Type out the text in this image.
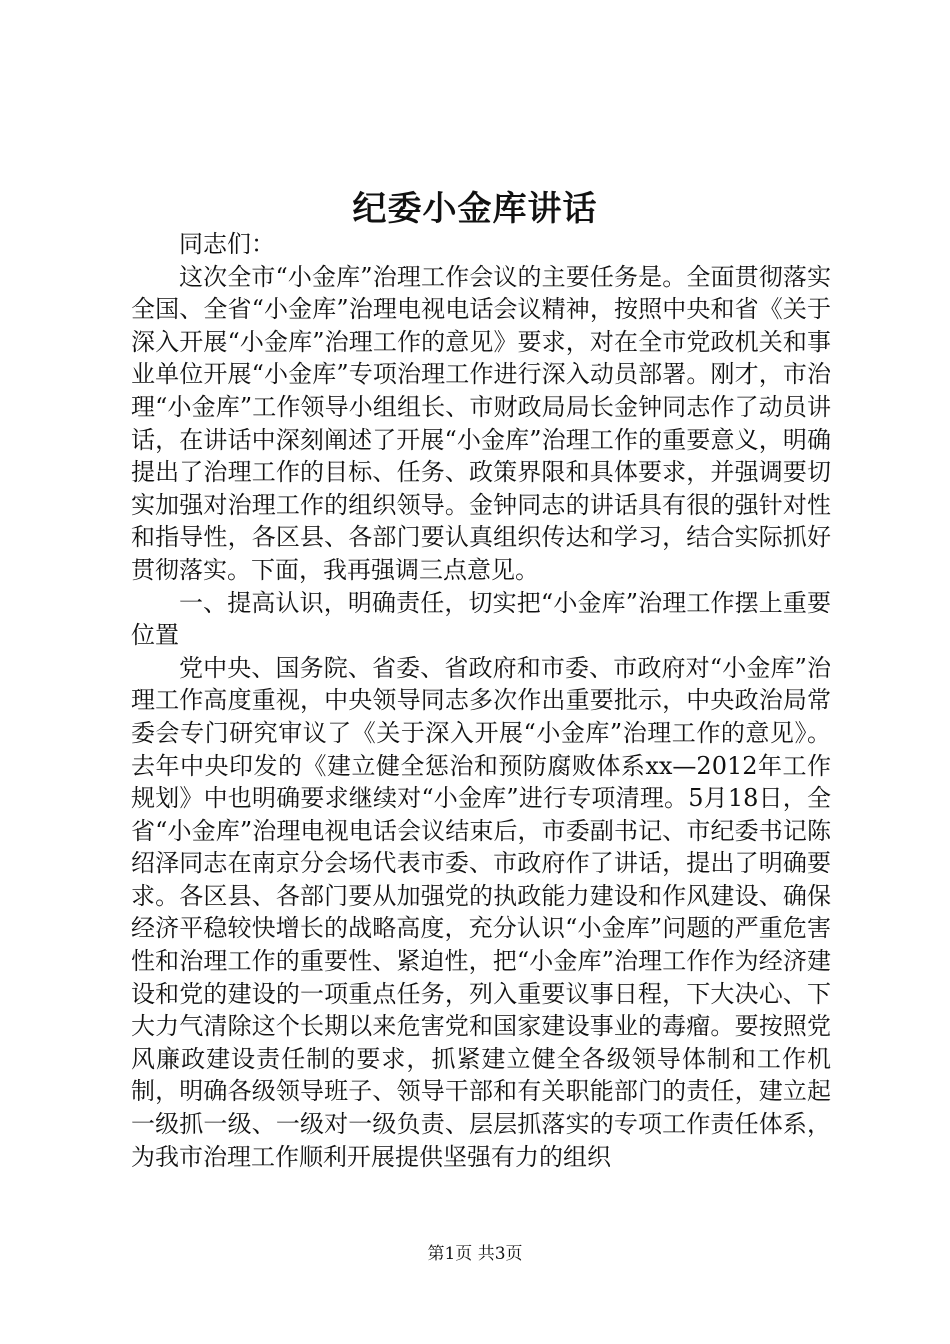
纪委小金库讲话

同志们：

这次全市“小金库”治理工作会议的主要任务是。全面贯彻落实全国、全省“小金库”治理电视电话会议精神，按照中央和省《关于深入开展“小金库”治理工作的意见》要求，对在全市党政机关和事业单位开展“小金库”专项治理工作进行深入动员部署。刚才，市治理“小金库”工作领导小组组长、市财政局局长金钟同志作了动员讲话，在讲话中深刻阐述了开展“小金库”治理工作的重要意义，明确提出了治理工作的目标、任务、政策界限和具体要求，并强调要切实加强对治理工作的组织领导。金钟同志的讲话具有很的强针对性和指导性，各区县、各部门要认真组织传达和学习，结合实际抓好贯彻落实。下面，我再强调三点意见。

一、提高认识，明确责任，切实把“小金库”治理工作摆上重要位置

党中央、国务院、省委、省政府和市委、市政府对“小金库”治理工作高度重视，中央领导同志多次作出重要批示，中央政治局常委会专门研究审议了《关于深入开展“小金库”治理工作的意见》。去年中央印发的《建立健全惩治和预防腐败体系xx—2012年工作规划》中也明确要求继续对“小金库”进行专项清理。5月18日，全省“小金库”治理电视电话会议结束后，市委副书记、市纪委书记陈绍泽同志在南京分会场代表市委、市政府作了讲话，提出了明确要求。各区县、各部门要从加强党的执政能力建设和作风建设、确保经济平稳较快增长的战略高度，充分认识“小金库”问题的严重危害性和治理工作的重要性、紧迫性，把“小金库”治理工作作为经济建设和党的建设的一项重点任务，列入重要议事日程，下大决心、下大力气清除这个长期以来危害党和国家建设事业的毒瘤。要按照党风廉政建设责任制的要求，抓紧建立健全各级领导体制和工作机制，明确各级领导班子、领导干部和有关职能部门的责任，建立起一级抓一级、一级对一级负责、层层抓落实的专项工作责任体系，为我市治理工作顺利开展提供坚强有力的组织

第1页 共3页
